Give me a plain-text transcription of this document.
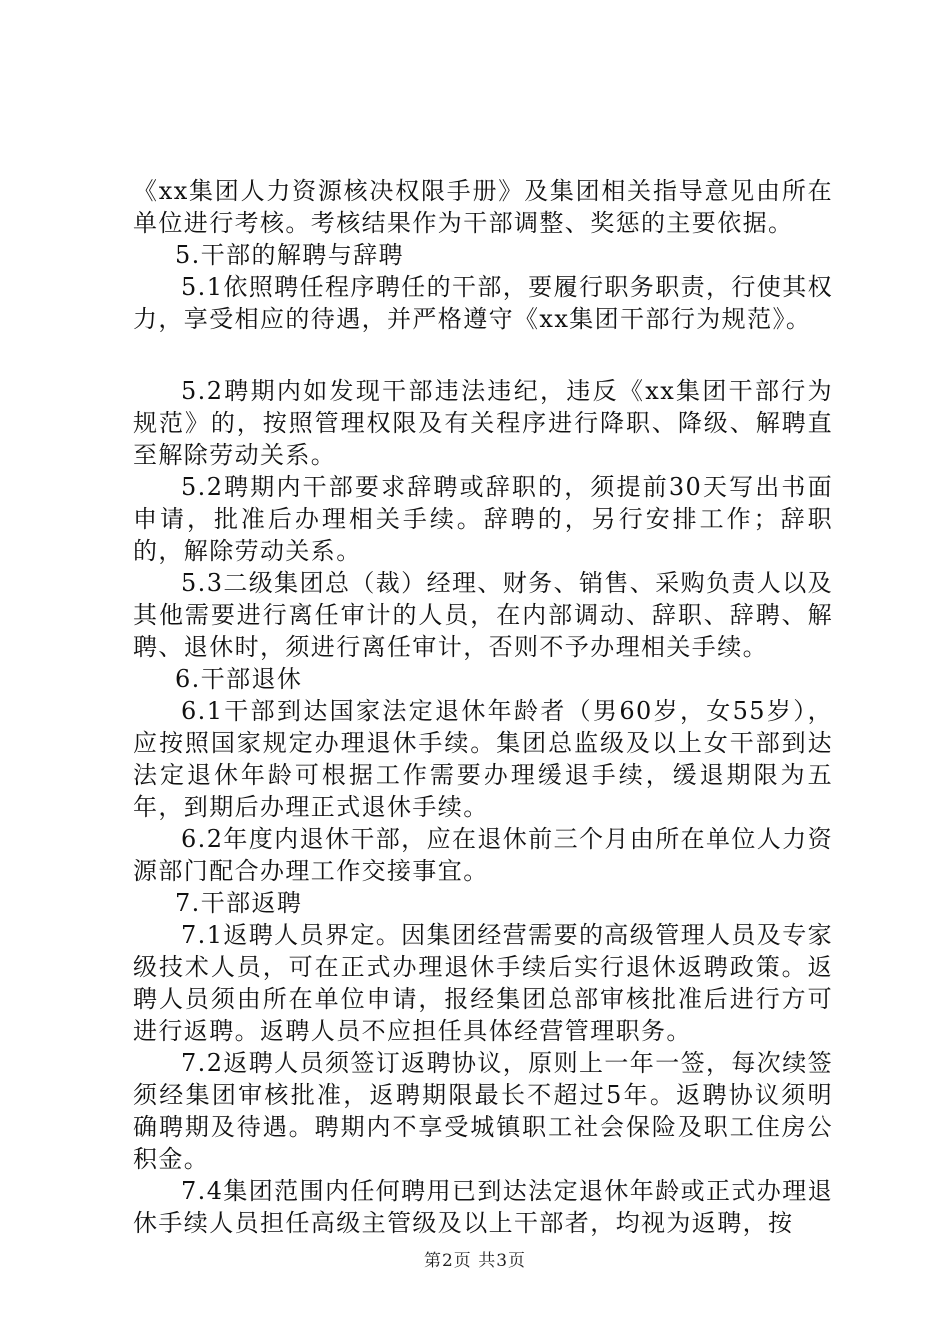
《xx集团人力资源核决权限手册》及集团相关指导意见由所在单位进行考核。考核结果作为干部调整、奖惩的主要依据。

5.干部的解聘与辞聘

5.1依照聘任程序聘任的干部，要履行职务职责，行使其权力，享受相应的待遇，并严格遵守《xx集团干部行为规范》。

5.2聘期内如发现干部违法违纪，违反《xx集团干部行为规范》的，按照管理权限及有关程序进行降职、降级、解聘直至解除劳动关系。

5.2聘期内干部要求辞聘或辞职的，须提前30天写出书面申请，批准后办理相关手续。辞聘的，另行安排工作；辞职的，解除劳动关系。

5.3二级集团总（裁）经理、财务、销售、采购负责人以及其他需要进行离任审计的人员，在内部调动、辞职、辞聘、解聘、退休时，须进行离任审计，否则不予办理相关手续。

6.干部退休

6.1干部到达国家法定退休年龄者（男60岁，女55岁），应按照国家规定办理退休手续。集团总监级及以上女干部到达法定退休年龄可根据工作需要办理缓退手续，缓退期限为五年，到期后办理正式退休手续。

6.2年度内退休干部，应在退休前三个月由所在单位人力资源部门配合办理工作交接事宜。

7.干部返聘

7.1返聘人员界定。因集团经营需要的高级管理人员及专家级技术人员，可在正式办理退休手续后实行退休返聘政策。返聘人员须由所在单位申请，报经集团总部审核批准后进行方可进行返聘。返聘人员不应担任具体经营管理职务。

7.2返聘人员须签订返聘协议，原则上一年一签，每次续签须经集团审核批准，返聘期限最长不超过5年。返聘协议须明确聘期及待遇。聘期内不享受城镇职工社会保险及职工住房公积金。

7.4集团范围内任何聘用已到达法定退休年龄或正式办理退休手续人员担任高级主管级及以上干部者，均视为返聘，按

第2页 共3页
